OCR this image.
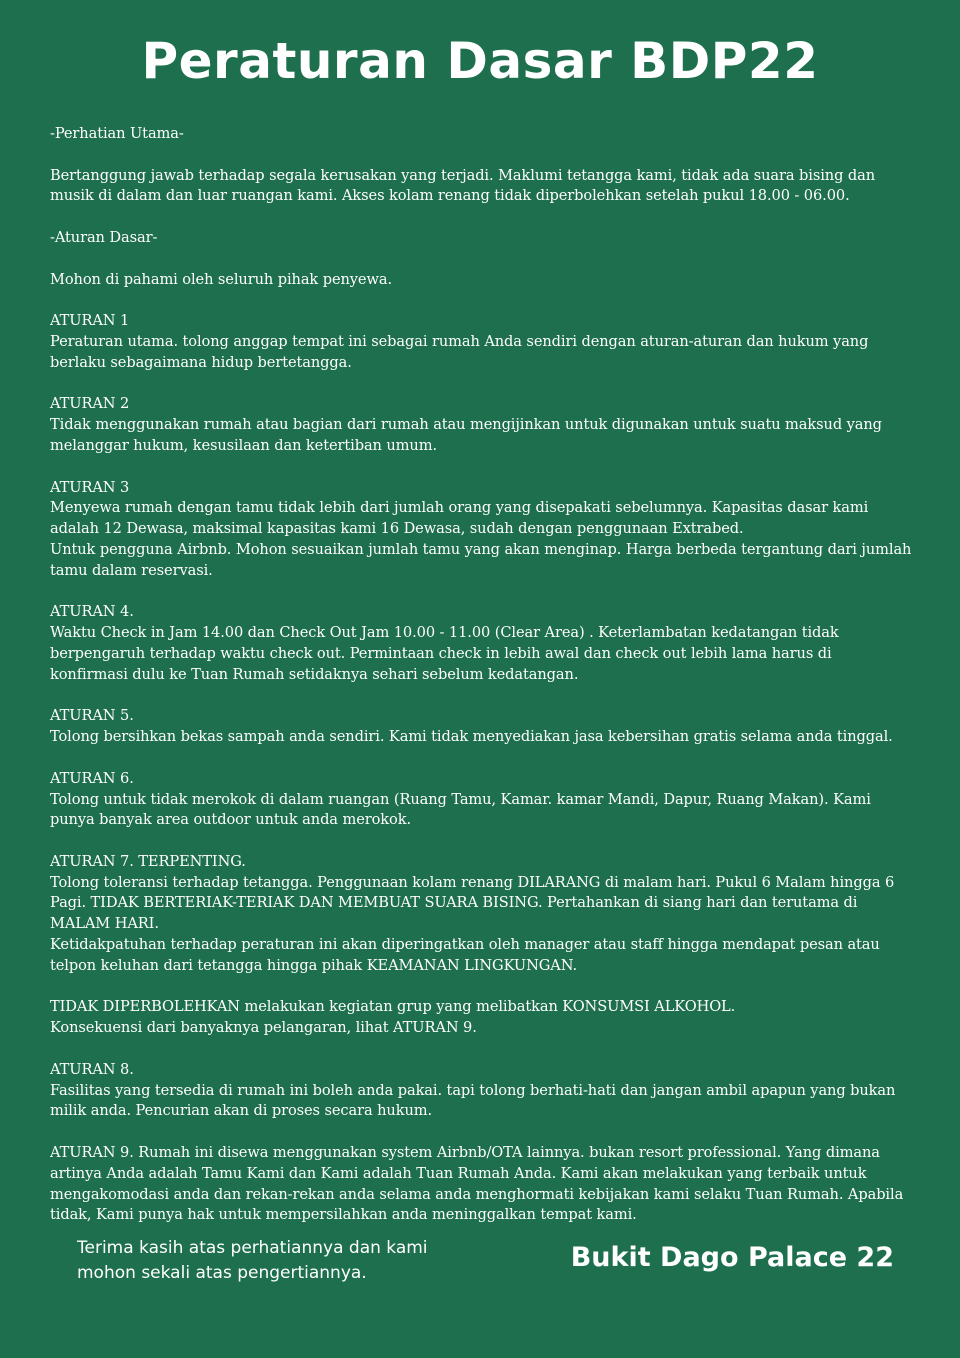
Peraturan Dasar BDP22

-Perhatian Utama-

Bertanggung jawab terhadap segala kerusakan yang terjadi. Maklumi tetangga kami, tidak ada suara bising dan musik di dalam dan luar ruangan kami. Akses kolam renang tidak diperbolehkan setelah pukul 18.00 - 06.00.

-Aturan Dasar-

Mohon di pahami oleh seluruh pihak penyewa.

ATURAN 1
Peraturan utama. tolong anggap tempat ini sebagai rumah Anda sendiri dengan aturan-aturan dan hukum yang berlaku sebagaimana hidup bertetangga.

ATURAN 2
Tidak menggunakan rumah atau bagian dari rumah atau mengijinkan untuk digunakan untuk suatu maksud yang melanggar hukum, kesusilaan dan ketertiban umum.

ATURAN 3
Menyewa rumah dengan tamu tidak lebih dari jumlah orang yang disepakati sebelumnya. Kapasitas dasar kami adalah 12 Dewasa, maksimal kapasitas kami 16 Dewasa, sudah dengan penggunaan Extrabed.
Untuk pengguna Airbnb. Mohon sesuaikan jumlah tamu yang akan menginap. Harga berbeda tergantung dari jumlah tamu dalam reservasi.

ATURAN 4.
Waktu Check in Jam 14.00 dan Check Out Jam 10.00 - 11.00 (Clear Area) . Keterlambatan kedatangan tidak berpengaruh terhadap waktu check out. Permintaan check in lebih awal dan check out lebih lama harus di konfirmasi dulu ke Tuan Rumah setidaknya sehari sebelum kedatangan.

ATURAN 5.
Tolong bersihkan bekas sampah anda sendiri. Kami tidak menyediakan jasa kebersihan gratis selama anda tinggal.

ATURAN 6.
Tolong untuk tidak merokok di dalam ruangan (Ruang Tamu, Kamar. kamar Mandi, Dapur, Ruang Makan). Kami punya banyak area outdoor untuk anda merokok.

ATURAN 7. TERPENTING.
Tolong toleransi terhadap tetangga. Penggunaan kolam renang DILARANG di malam hari. Pukul 6 Malam hingga 6 Pagi. TIDAK BERTERIAK-TERIAK DAN MEMBUAT SUARA BISING. Pertahankan di siang hari dan terutama di MALAM HARI.
Ketidakpatuhan terhadap peraturan ini akan diperingatkan oleh manager atau staff hingga mendapat pesan atau telpon keluhan dari tetangga hingga pihak KEAMANAN LINGKUNGAN.

TIDAK DIPERBOLEHKAN melakukan kegiatan grup yang melibatkan KONSUMSI ALKOHOL.
Konsekuensi dari banyaknya pelangaran, lihat ATURAN 9.

ATURAN 8.
Fasilitas yang tersedia di rumah ini boleh anda pakai. tapi tolong berhati-hati dan jangan ambil apapun yang bukan milik anda. Pencurian akan di proses secara hukum.

ATURAN 9. Rumah ini disewa menggunakan system Airbnb/OTA lainnya. bukan resort professional. Yang dimana artinya Anda adalah Tamu Kami dan Kami adalah Tuan Rumah Anda. Kami akan melakukan yang terbaik untuk mengakomodasi anda dan rekan-rekan anda selama anda menghormati kebijakan kami selaku Tuan Rumah. Apabila tidak, Kami punya hak untuk mempersilahkan anda meninggalkan tempat kami.

Terima kasih atas perhatiannya dan kami
mohon sekali atas pengertiannya.	Bukit Dago Palace 22
